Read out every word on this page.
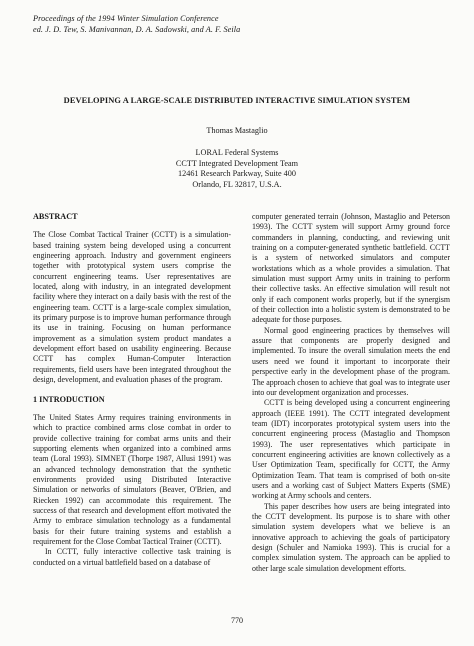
Proceedings of the 1994 Winter Simulation Conference
ed. J. D. Tew, S. Manivannan, D. A. Sadowski, and A. F. Seila
DEVELOPING A LARGE-SCALE DISTRIBUTED INTERACTIVE SIMULATION SYSTEM
Thomas Mastaglio
LORAL Federal Systems
CCTT Integrated Development Team
12461 Research Parkway, Suite 400
Orlando, FL 32817, U.S.A.
ABSTRACT

The Close Combat Tactical Trainer (CCTT) is a simulation-based training system being developed using a concurrent engineering approach. Industry and government engineers together with prototypical system users comprise the concurrent engineering teams. User representatives are located, along with industry, in an integrated development facility where they interact on a daily basis with the rest of the engineering team. CCTT is a large-scale complex simulation, its primary purpose is to improve human performance through its use in training. Focusing on human performance improvement as a simulation system product mandates a development effort based on usability engineering. Because CCTT has complex Human-Computer Interaction requirements, field users have been integrated throughout the design, development, and evaluation phases of the program.

1 INTRODUCTION

The United States Army requires training environments in which to practice combined arms close combat in order to provide collective training for combat arms units and their supporting elements when organized into a combined arms team (Loral 1993). SIMNET (Thorpe 1987, Allusi 1991) was an advanced technology demonstration that the synthetic environments provided using Distributed Interactive Simulation or networks of simulators (Beaver, O'Brien, and Riecken 1992) can accommodate this requirement. The success of that research and development effort motivated the Army to embrace simulation technology as a fundamental basis for their future training systems and establish a requirement for the Close Combat Tactical Trainer (CCTT).

In CCTT, fully interactive collective task training is conducted on a virtual battlefield based on a database of

computer generated terrain (Johnson, Mastaglio and Peterson 1993). The CCTT system will support Army ground force commanders in planning, conducting, and reviewing unit training on a computer-generated synthetic battlefield. CCTT is a system of networked simulators and computer workstations which as a whole provides a simulation. That simulation must support Army units in training to perform their collective tasks. An effective simulation will result not only if each component works properly, but if the synergism of their collection into a holistic system is demonstrated to be adequate for those purposes.

Normal good engineering practices by themselves will assure that components are properly designed and implemented. To insure the overall simulation meets the end users need we found it important to incorporate their perspective early in the development phase of the program. The approach chosen to achieve that goal was to integrate user into our development organization and processes.

CCTT is being developed using a concurrent engineering approach (IEEE 1991). The CCTT integrated development team (IDT) incorporates prototypical system users into the concurrent engineering process (Mastaglio and Thompson 1993). The user representatives which participate in concurrent engineering activities are known collectively as a User Optimization Team, specifically for CCTT, the Army Optimization Team. That team is comprised of both on-site users and a working cast of Subject Matters Experts (SME) working at Army schools and centers.

This paper describes how users are being integrated into the CCTT development. Its purpose is to share with other simulation system developers what we believe is an innovative approach to achieving the goals of participatory design (Schuler and Namioka 1993). This is crucial for a complex simulation system. The approach can be applied to other large scale simulation development efforts.

770
